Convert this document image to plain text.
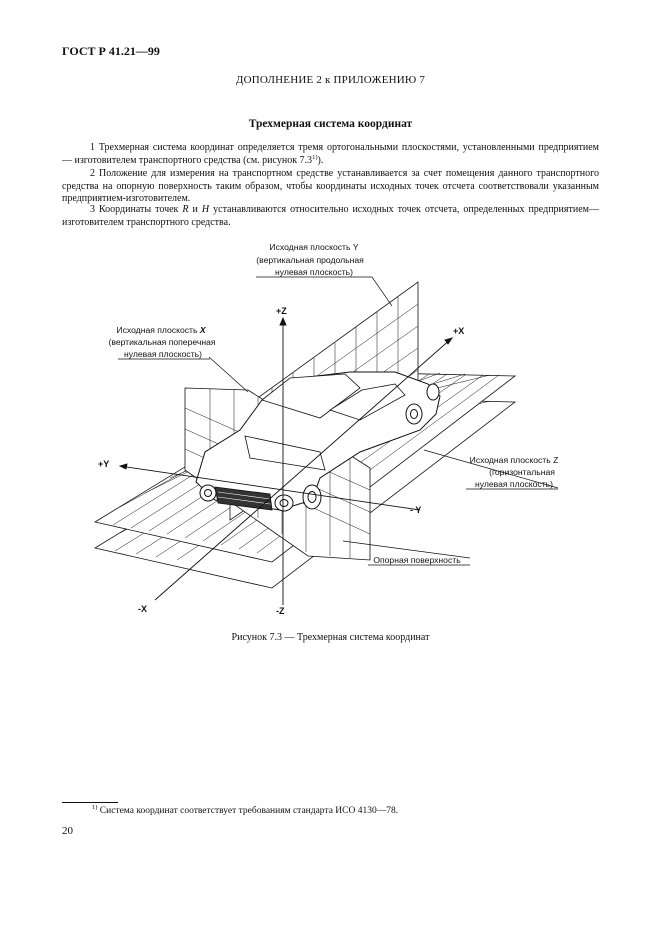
ГОСТ Р 41.21—99
ДОПОЛНЕНИЕ 2 к ПРИЛОЖЕНИЮ 7
Трехмерная система координат
1 Трехмерная система координат определяется тремя ортогональными плоскостями, установленными предприятием — изготовителем транспортного средства (см. рисунок 7.3$^{1)}$).
2 Положение для измерения на транспортном средстве устанавливается за счет помещения данного транспортного средства на опорную поверхность таким образом, чтобы координаты исходных точек отсчета соответствовали указанным предприятием-изготовителем.
3 Координаты точек R и H устанавливаются относительно исходных точек отсчета, определенных предприятием—изготовителем транспортного средства.
Исходная плоскость Y
(вертикальная продольная
нулевая плоскость)
Исходная плоскость X
(вертикальная поперечная
нулевая плоскость)
Исходная плоскость Z
(горизонтальная
нулевая плоскость)
Опорная поверхность
+Z
-Z
+X
-X
+Y
- Y
Рисунок 7.3 — Трехмерная система координат
$^{1)}$ Система координат соответствует требованиям стандарта ИСО 4130—78.
20
